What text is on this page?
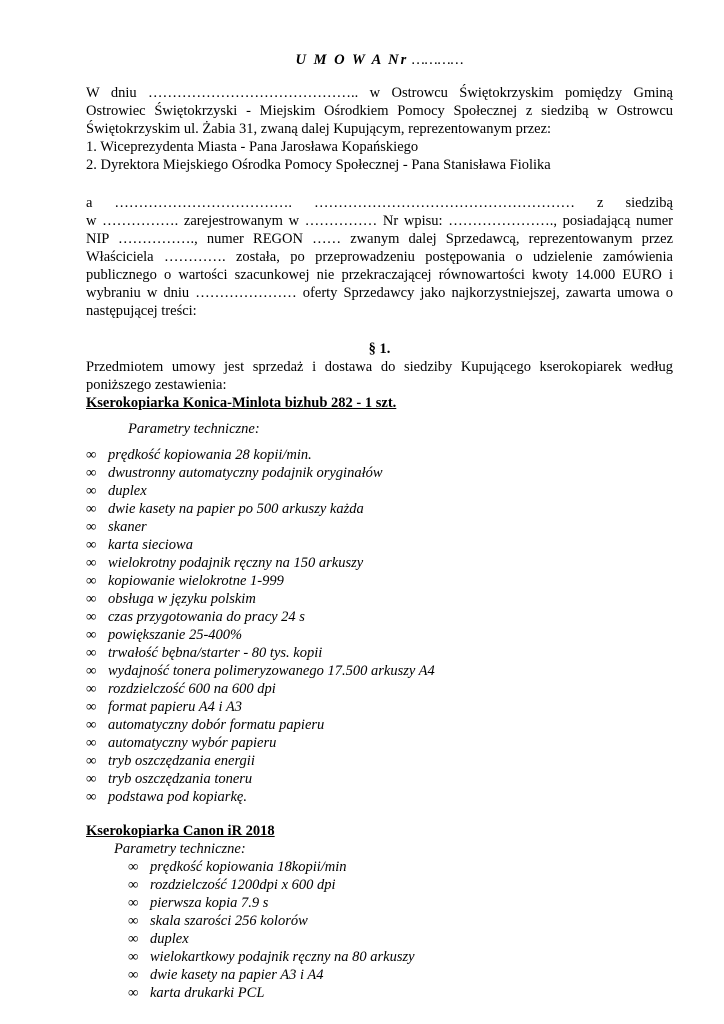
U M O W A Nr …………

W dniu …………………………………….. w Ostrowcu Świętokrzyskim pomiędzy Gminą Ostrowiec Świętokrzyski - Miejskim Ośrodkiem Pomocy Społecznej z siedzibą w Ostrowcu Świętokrzyskim ul. Żabia 31, zwaną dalej Kupującym, reprezentowanym przez:

1. Wiceprezydenta Miasta - Pana Jarosława Kopańskiego

2. Dyrektora Miejskiego Ośrodka Pomocy Społecznej - Pana Stanisława Fiolika

a ………………………………. ……………………………………………… z siedzibą
w ……………. zarejestrowanym w …………… Nr wpisu: …………………., posiadającą numer NIP ……………., numer REGON …… zwanym dalej Sprzedawcą, reprezentowanym przez Właściciela …………. została, po przeprowadzeniu postępowania o udzielenie zamówienia publicznego o wartości szacunkowej nie przekraczającej równowartości kwoty 14.000 EURO i wybraniu w dniu ………………… oferty Sprzedawcy jako najkorzystniejszej, zawarta umowa o następującej treści:

§ 1.

Przedmiotem umowy jest sprzedaż i dostawa do siedziby Kupującego kserokopiarek według poniższego zestawienia:

Kserokopiarka Konica-Minlota bizhub 282 - 1 szt.

Parametry techniczne:

∞ prędkość kopiowania 28 kopii/min.
∞ dwustronny automatyczny podajnik oryginałów
∞ duplex
∞ dwie kasety na papier po 500 arkuszy każda
∞ skaner
∞ karta sieciowa
∞ wielokrotny podajnik ręczny na 150 arkuszy
∞ kopiowanie wielokrotne 1-999
∞ obsługa w języku polskim
∞ czas przygotowania do pracy 24 s
∞ powiększanie 25-400%
∞ trwałość bębna/starter - 80 tys. kopii
∞ wydajność tonera polimeryzowanego 17.500 arkuszy A4
∞ rozdzielczość 600 na 600 dpi
∞ format papieru A4 i A3
∞ automatyczny dobór formatu papieru
∞ automatyczny wybór papieru
∞ tryb oszczędzania energii
∞ tryb oszczędzania toneru
∞ podstawa pod kopiarkę.

Kserokopiarka Canon iR 2018

Parametry techniczne:

∞ prędkość kopiowania 18kopii/min
∞ rozdzielczość 1200dpi x 600 dpi
∞ pierwsza kopia 7.9 s
∞ skala szarości 256 kolorów
∞ duplex
∞ wielokartkowy podajnik ręczny na 80 arkuszy
∞ dwie kasety na papier A3 i A4
∞ karta drukarki PCL
